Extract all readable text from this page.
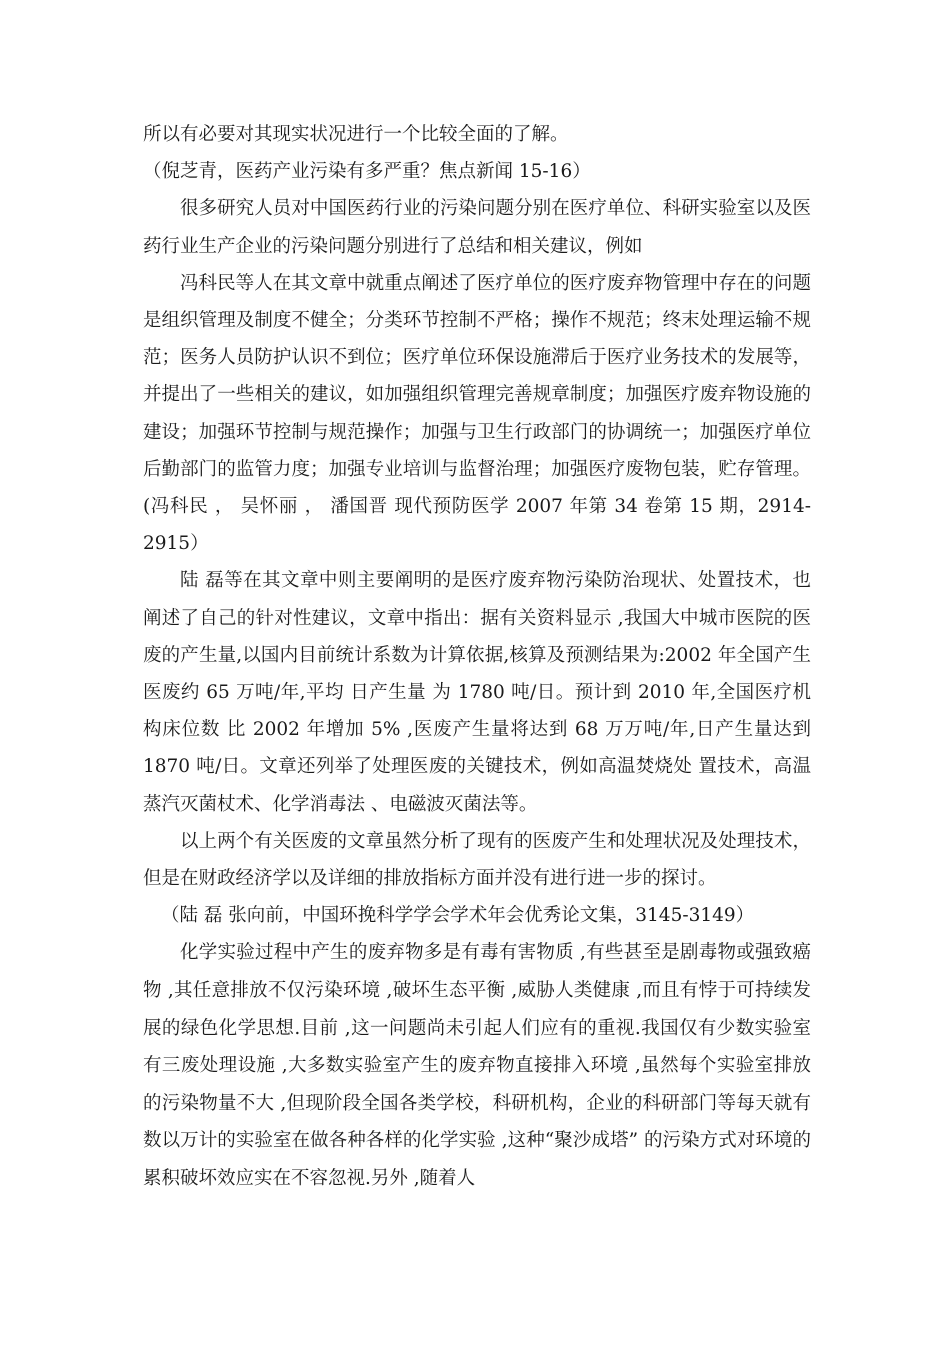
所以有必要对其现实状况进行一个比较全面的了解。

（倪芝青，医药产业污染有多严重？焦点新闻 15-16）

很多研究人员对中国医药行业的污染问题分别在医疗单位、科研实验室以及医药行业生产企业的污染问题分别进行了总结和相关建议，例如

冯科民等人在其文章中就重点阐述了医疗单位的医疗废弃物管理中存在的问题是组织管理及制度不健全；分类环节控制不严格；操作不规范；终末处理运输不规范；医务人员防护认识不到位；医疗单位环保设施滞后于医疗业务技术的发展等，并提出了一些相关的建议，如加强组织管理完善规章制度；加强医疗废弃物设施的建设；加强环节控制与规范操作；加强与卫生行政部门的协调统一；加强医疗单位后勤部门的监管力度；加强专业培训与监督治理；加强医疗废物包装，贮存管理。(冯科民 ， 吴怀丽 ， 潘国晋 现代预防医学 2007 年第 34 卷第 15 期，2914-2915）

陆 磊等在其文章中则主要阐明的是医疗废弃物污染防治现状、处置技术，也阐述了自己的针对性建议，文章中指出：据有关资料显示 ,我国大中城市医院的医废的产生量,以国内目前统计系数为计算依据,核算及预测结果为:2002 年全国产生医废约 65 万吨/年,平均 日产生量 为 1780 吨/日。预计到 2010 年,全国医疗机构床位数 比 2002 年增加 5% ,医废产生量将达到 68 万万吨/年,日产生量达到 1870 吨/日。文章还列举了处理医废的关键技术，例如高温焚烧处 置技术，高温蒸汽灭菌杖术、化学消毒法 、电磁波灭菌法等。

以上两个有关医废的文章虽然分析了现有的医废产生和处理状况及处理技术，但是在财政经济学以及详细的排放指标方面并没有进行进一步的探讨。

（陆 磊 张向前，中国环挽科学学会学术年会优秀论文集，3145-3149）

化学实验过程中产生的废弃物多是有毒有害物质 ,有些甚至是剧毒物或强致癌物 ,其任意排放不仅污染环境 ,破坏生态平衡 ,威胁人类健康 ,而且有悖于可持续发展的绿色化学思想.目前 ,这一问题尚未引起人们应有的重视.我国仅有少数实验室有三废处理设施 ,大多数实验室产生的废弃物直接排入环境 ,虽然每个实验室排放的污染物量不大 ,但现阶段全国各类学校，科研机构，企业的科研部门等每天就有数以万计的实验室在做各种各样的化学实验 ,这种“聚沙成塔” 的污染方式对环境的累积破坏效应实在不容忽视.另外 ,随着人
